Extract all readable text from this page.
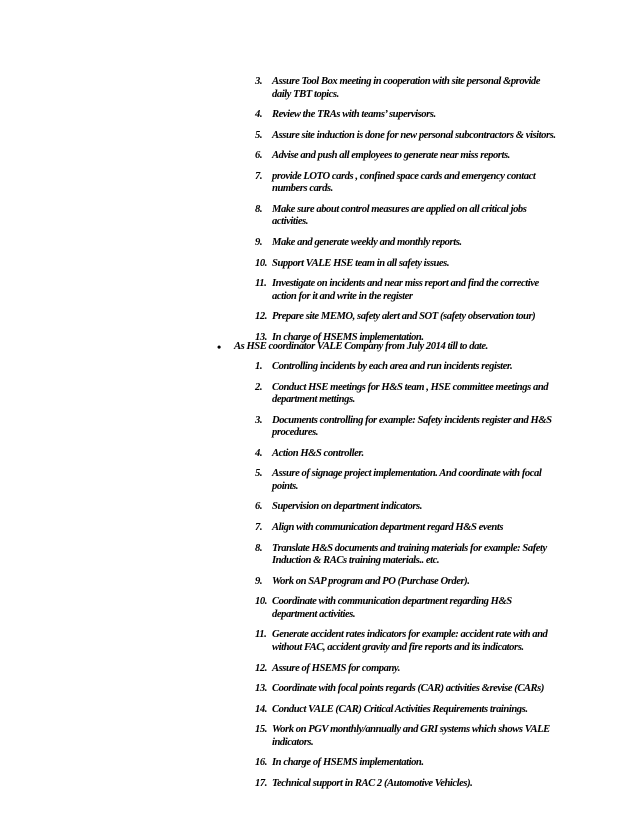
3. Assure Tool Box meeting in cooperation with site personal &provide daily TBT topics.
4. Review the TRAs with teams’ supervisors.
5. Assure site induction is done for new personal subcontractors & visitors.
6. Advise and push all employees to generate near miss reports.
7. provide LOTO cards , confined space cards and emergency contact numbers cards.
8. Make sure about control measures are applied on all critical jobs activities.
9. Make and generate weekly and monthly reports.
10. Support VALE HSE team in all safety issues.
11. Investigate on incidents and near miss report and find the corrective action for it and write in the register
12. Prepare site MEMO, safety alert and SOT (safety observation tour)
13. In charge of HSEMS implementation.
• As HSE coordinator VALE Company from July 2014 till to date.
1. Controlling incidents by each area and run incidents register.
2. Conduct HSE meetings for H&S team , HSE committee meetings and department mettings.
3. Documents controlling for example: Safety incidents register and H&S procedures.
4. Action H&S controller.
5. Assure of signage project implementation. And coordinate with focal points.
6. Supervision on department indicators.
7. Align with communication department regard H&S events
8. Translate H&S documents and training materials for example: Safety Induction & RACs training materials.. etc.
9. Work on SAP program and PO (Purchase Order).
10. Coordinate with communication department regarding H&S department activities.
11. Generate accident rates indicators for example: accident rate with and without FAC, accident gravity and fire reports and its indicators.
12. Assure of HSEMS for company.
13. Coordinate with focal points regards (CAR) activities &revise (CARs)
14. Conduct VALE (CAR) Critical Activities Requirements trainings.
15. Work on PGV monthly/annually and GRI systems which shows VALE indicators.
16. In charge of HSEMS implementation.
17. Technical support in RAC 2 (Automotive Vehicles).
